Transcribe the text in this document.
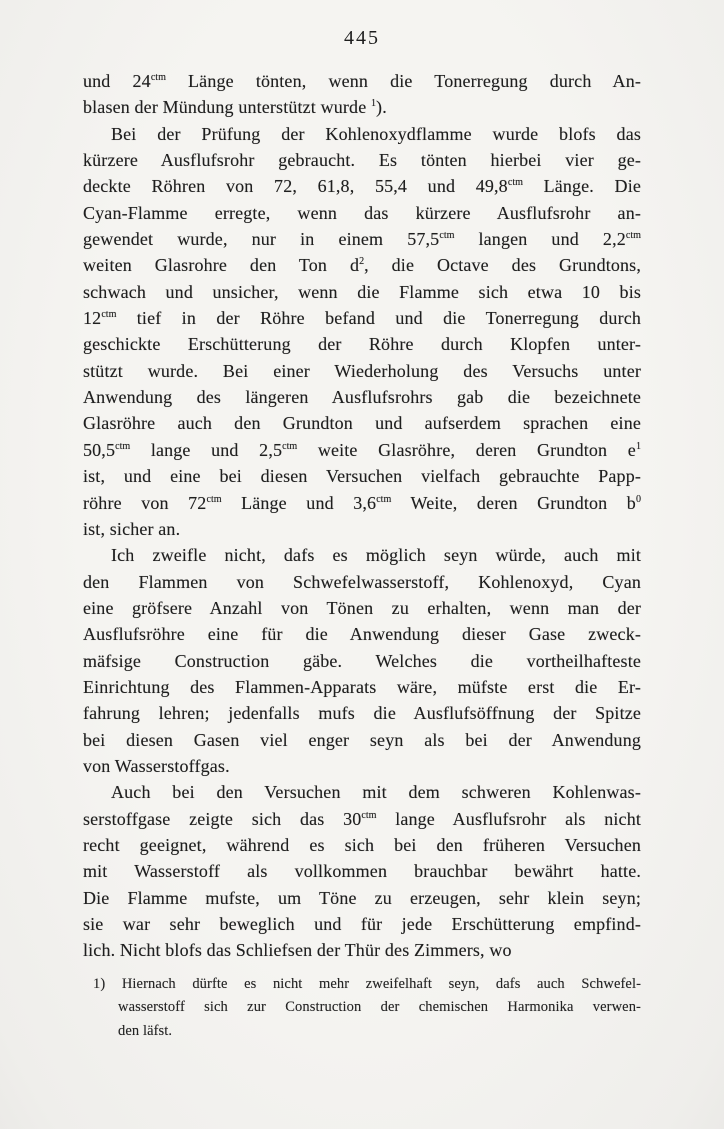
445
und $24^{ctm}$ Länge tönten, wenn die Tonerregung durch An-
blasen der Mündung unterstützt wurde $^1$).
Bei der Prüfung der Kohlenoxydflamme wurde blofs das
kürzere Ausflufsrohr gebraucht. Es tönten hierbei vier ge-
deckte Röhren von 72, 61,8, 55,4 und $49,8^{ctm}$ Länge. Die
Cyan-Flamme erregte, wenn das kürzere Ausflufsrohr an-
gewendet wurde, nur in einem $57,5^{ctm}$ langen und $2,2^{ctm}$
weiten Glasrohre den Ton $d^2$, die Octave des Grundtons,
schwach und unsicher, wenn die Flamme sich etwa 10 bis
$12^{ctm}$ tief in der Röhre befand und die Tonerregung durch
geschickte Erschütterung der Röhre durch Klopfen unter-
stützt wurde. Bei einer Wiederholung des Versuchs unter
Anwendung des längeren Ausflufsrohrs gab die bezeichnete
Glasröhre auch den Grundton und aufserdem sprachen eine
$50,5^{ctm}$ lange und $2,5^{ctm}$ weite Glasröhre, deren Grundton $e^1$
ist, und eine bei diesen Versuchen vielfach gebrauchte Papp-
röhre von $72^{ctm}$ Länge und $3,6^{ctm}$ Weite, deren Grundton $b^0$
ist, sicher an.
Ich zweifle nicht, dafs es möglich seyn würde, auch mit
den Flammen von Schwefelwasserstoff, Kohlenoxyd, Cyan
eine gröfsere Anzahl von Tönen zu erhalten, wenn man der
Ausflufsröhre eine für die Anwendung dieser Gase zweck-
mäfsige Construction gäbe. Welches die vortheilhafteste
Einrichtung des Flammen-Apparats wäre, müfste erst die Er-
fahrung lehren; jedenfalls mufs die Ausflufsöffnung der Spitze
bei diesen Gasen viel enger seyn als bei der Anwendung
von Wasserstoffgas.
Auch bei den Versuchen mit dem schweren Kohlenwas-
serstoffgase zeigte sich das $30^{ctm}$ lange Ausflufsrohr als nicht
recht geeignet, während es sich bei den früheren Versuchen
mit Wasserstoff als vollkommen brauchbar bewährt hatte.
Die Flamme mufste, um Töne zu erzeugen, sehr klein seyn;
sie war sehr beweglich und für jede Erschütterung empfind-
lich. Nicht blofs das Schliefsen der Thür des Zimmers, wo
1) Hiernach dürfte es nicht mehr zweifelhaft seyn, dafs auch Schwefel-
wasserstoff sich zur Construction der chemischen Harmonika verwen-
den läfst.
